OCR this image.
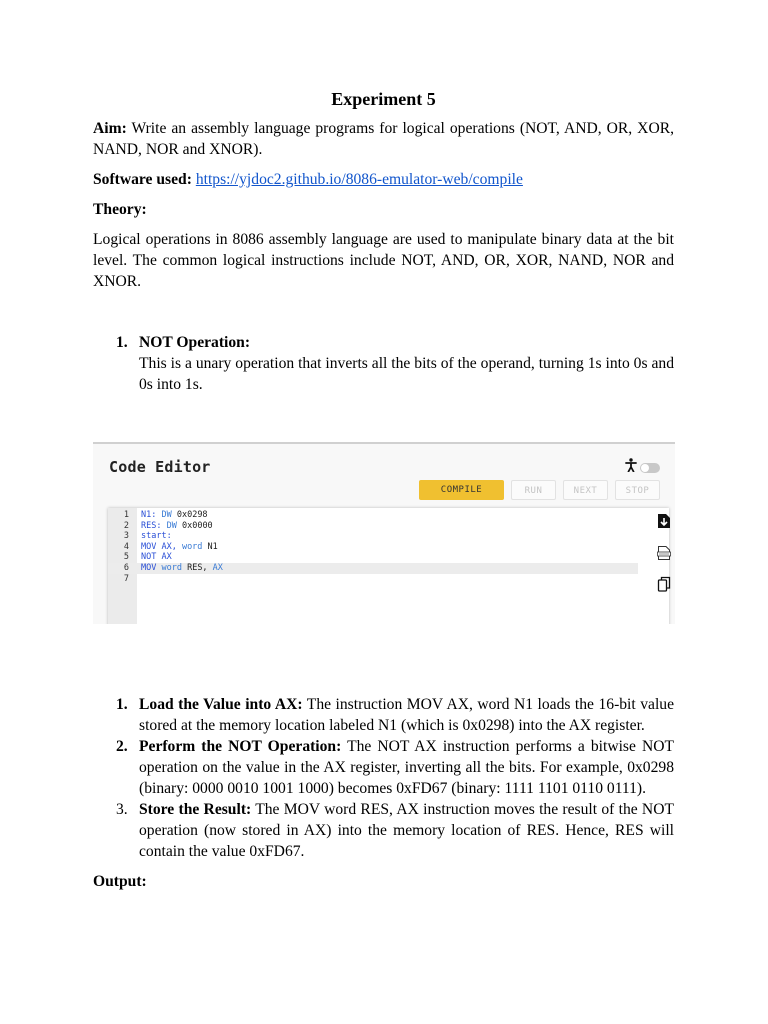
Experiment 5

Aim: Write an assembly language programs for logical operations (NOT, AND, OR, XOR, NAND, NOR and XNOR).

Software used: https://yjdoc2.github.io/8086-emulator-web/compile

Theory:

Logical operations in 8086 assembly language are used to manipulate binary data at the bit level. The common logical instructions include NOT, AND, OR, XOR, NAND, NOR and XNOR.

1. NOT Operation:
This is a unary operation that inverts all the bits of the operand, turning 1s into 0s and 0s into 1s.
Code Editor
COMPILE	RUN	NEXT	STOP
1 N1: DW 0x0298
2 RES: DW 0x0000
3 start:
4 MOV AX, word N1
5 NOT AX
6 MOV word RES, AX
7
1. Load the Value into AX: The instruction MOV AX, word N1 loads the 16-bit value stored at the memory location labeled N1 (which is 0x0298) into the AX register.
2. Perform the NOT Operation: The NOT AX instruction performs a bitwise NOT operation on the value in the AX register, inverting all the bits. For example, 0x0298 (binary: 0000 0010 1001 1000) becomes 0xFD67 (binary: 1111 1101 0110 0111).
3. Store the Result: The MOV word RES, AX instruction moves the result of the NOT operation (now stored in AX) into the memory location of RES. Hence, RES will contain the value 0xFD67.

Output:
